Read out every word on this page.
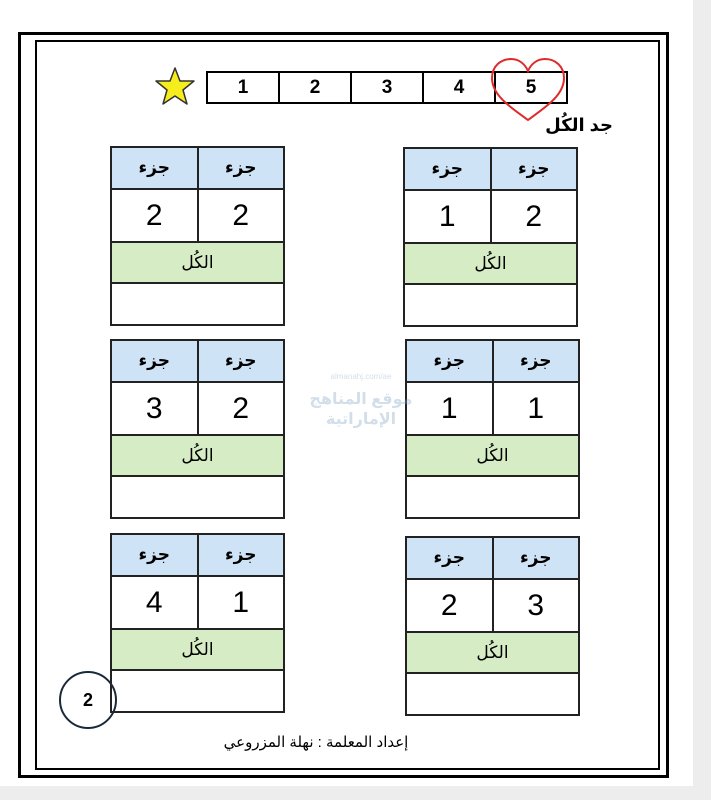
1	2	3	4	5
جد الكُل
جزء	جزء
2	2
الكُل
جزء	جزء
1	2
الكُل
جزء	جزء
3	2
الكُل
جزء	جزء
1	1
الكُل
جزء	جزء
4	1
الكُل
جزء	جزء
2	3
الكُل
almanahj.com/ae
موقع المناهج الإماراتية
2
إعداد المعلمة : نهلة المزروعي
